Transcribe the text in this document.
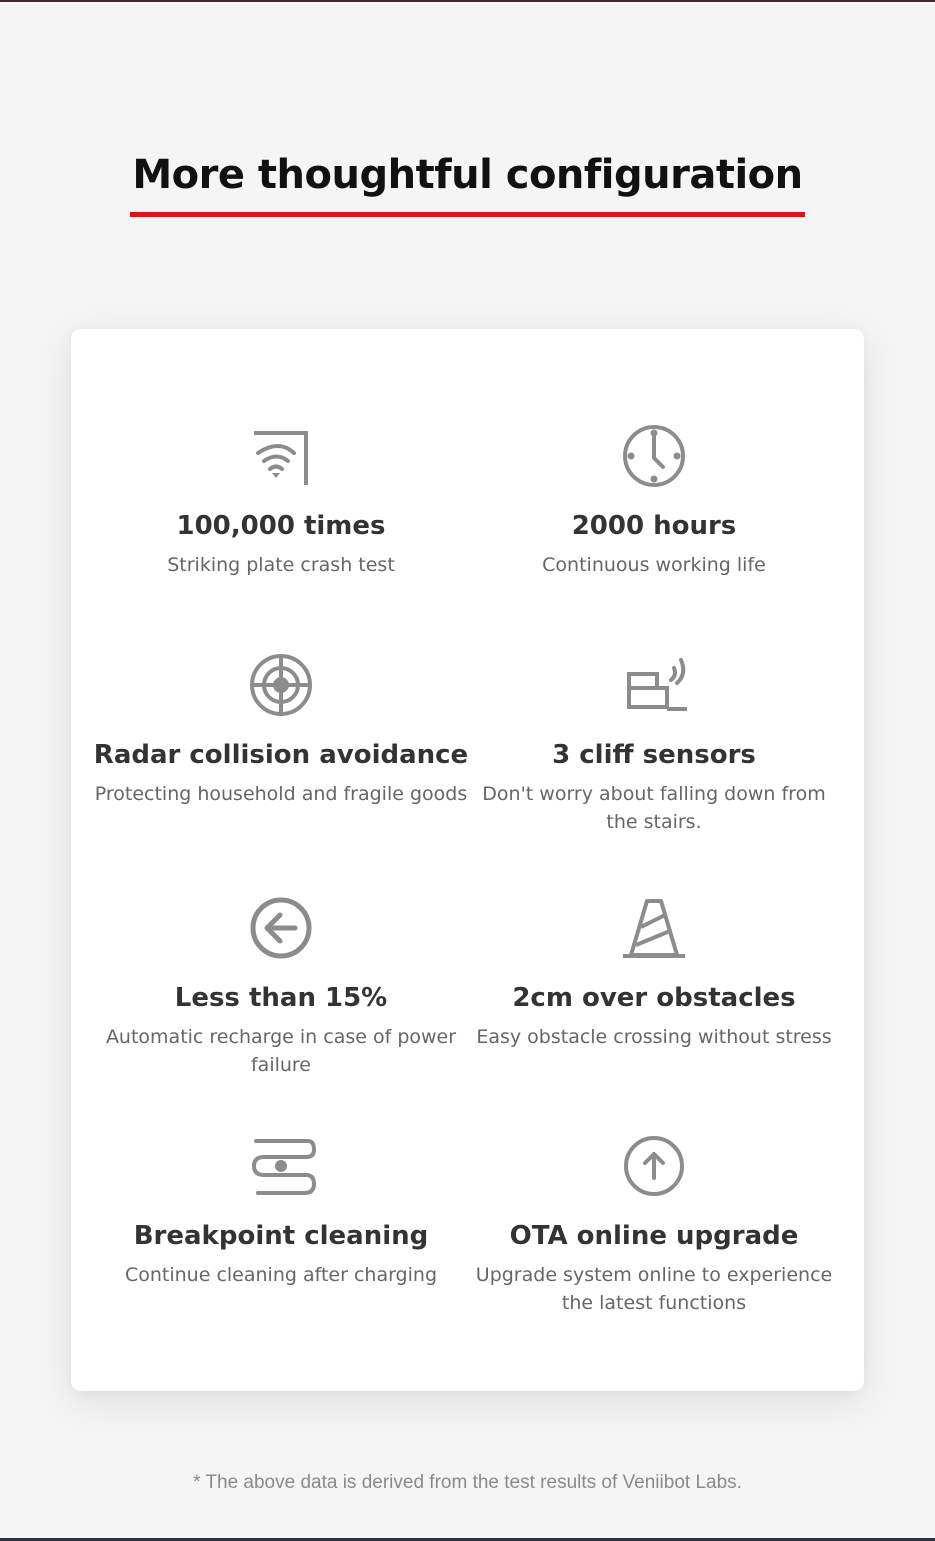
More thoughtful configuration
100,000 times
Striking plate crash test
2000 hours
Continuous working life
Radar collision avoidance
Protecting household and fragile goods
3 cliff sensors
Don't worry about falling down from the stairs.
Less than 15%
Automatic recharge in case of power failure
2cm over obstacles
Easy obstacle crossing without stress
Breakpoint cleaning
Continue cleaning after charging
OTA online upgrade
Upgrade system online to experience the latest functions
* The above data is derived from the test results of Veniibot Labs.
